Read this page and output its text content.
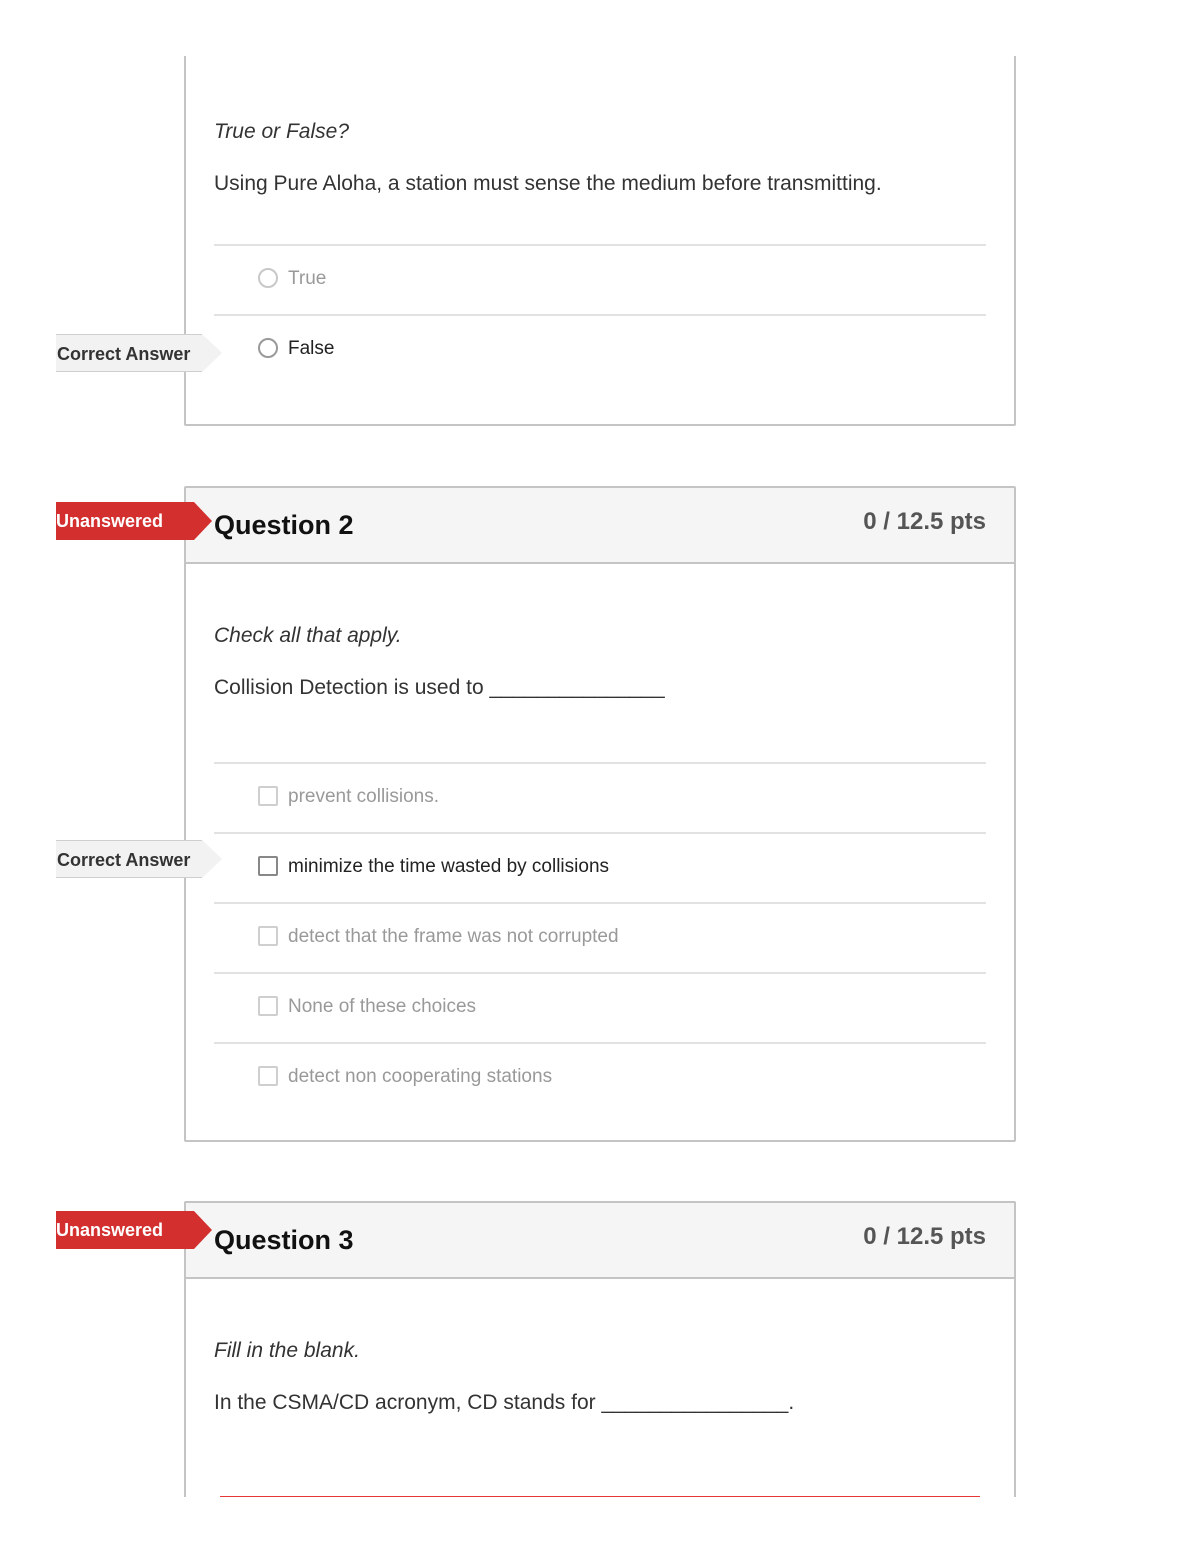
True or False?
Using Pure Aloha, a station must sense the medium before transmitting.
True
False
Correct Answer
Question 2	0 / 12.5 pts
Check all that apply.
Collision Detection is used to _______________
prevent collisions.
minimize the time wasted by collisions
detect that the frame was not corrupted
None of these choices
detect non cooperating stations
Unanswered
Correct Answer
Question 3	0 / 12.5 pts
Fill in the blank.
In the CSMA/CD acronym, CD stands for ________________.
Unanswered
